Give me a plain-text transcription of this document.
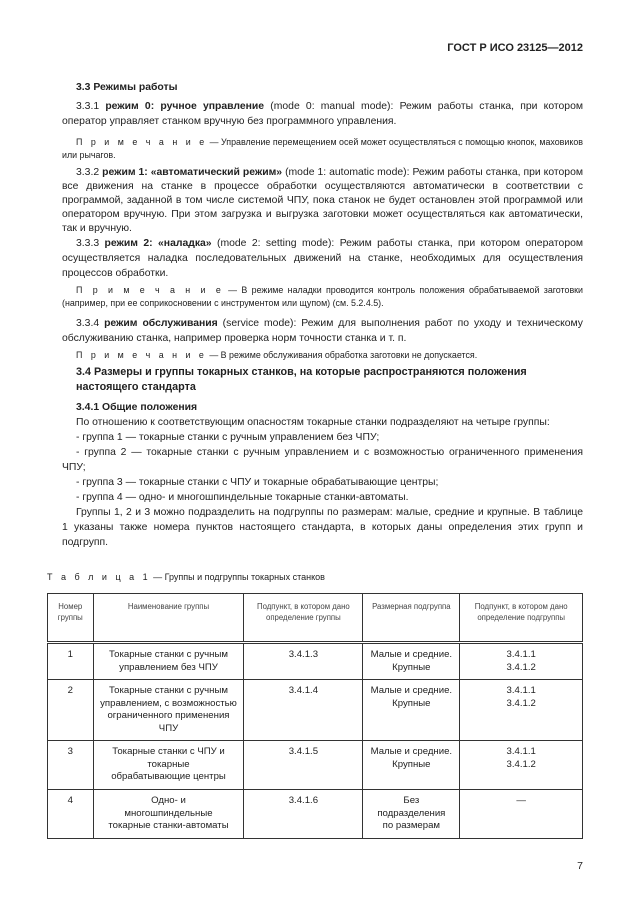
ГОСТ Р ИСО 23125—2012
3.3 Режимы работы
3.3.1 режим 0: ручное управление (mode 0: manual mode): Режим работы станка, при котором оператор управляет станком вручную без программного управления.
П р и м е ч а н и е — Управление перемещением осей может осуществляться с помощью кнопок, маховиков или рычагов.
3.3.2 режим 1: «автоматический режим» (mode 1: automatic mode): Режим работы станка, при котором все движения на станке в процессе обработки осуществляются автоматически в соответствии с программой, заданной в том числе системой ЧПУ, пока станок не будет остановлен этой программой или оператором вручную. При этом загрузка и выгрузка заготовки может осуществляться как автоматически, так и вручную.
3.3.3 режим 2: «наладка» (mode 2: setting mode): Режим работы станка, при котором оператором осуществляется наладка последовательных движений на станке, необходимых для осуществления процессов обработки.
П р и м е ч а н и е — В режиме наладки проводится контроль положения обрабатываемой заготовки (например, при ее соприкосновении с инструментом или щупом) (см. 5.2.4.5).
3.3.4 режим обслуживания (service mode): Режим для выполнения работ по уходу и техническому обслуживанию станка, например проверка норм точности станка и т. п.
П р и м е ч а н и е — В режиме обслуживания обработка заготовки не допускается.
3.4 Размеры и группы токарных станков, на которые распространяются положения настоящего стандарта
3.4.1 Общие положения
По отношению к соответствующим опасностям токарные станки подразделяют на четыре группы:
- группа 1 — токарные станки с ручным управлением без ЧПУ;
- группа 2 — токарные станки с ручным управлением и с возможностью ограниченного применения ЧПУ;
- группа 3 — токарные станки с ЧПУ и токарные обрабатывающие центры;
- группа 4 — одно- и многошпиндельные токарные станки-автоматы.
Группы 1, 2 и 3 можно подразделить на подгруппы по размерам: малые, средние и крупные. В таблице 1 указаны также номера пунктов настоящего стандарта, в которых даны определения этих групп и подгрупп.
Т а б л и ц а 1 — Группы и подгруппы токарных станков
Номер группы	Наименование группы	Подпункт, в котором дано определение группы	Размерная подгруппа	Подпункт, в котором дано определение подгруппы
1	Токарные станки с ручным управлением без ЧПУ	3.4.1.3	Малые и средние. Крупные	3.4.1.1 3.4.1.2
2	Токарные станки с ручным управлением, с возможностью ограниченного применения ЧПУ	3.4.1.4	Малые и средние. Крупные	3.4.1.1 3.4.1.2
3	Токарные станки с ЧПУ и токарные обрабатывающие центры	3.4.1.5	Малые и средние. Крупные	3.4.1.1 3.4.1.2
4	Одно- и многошпиндельные токарные станки-автоматы	3.4.1.6	Без подразделения по размерам	—
7
